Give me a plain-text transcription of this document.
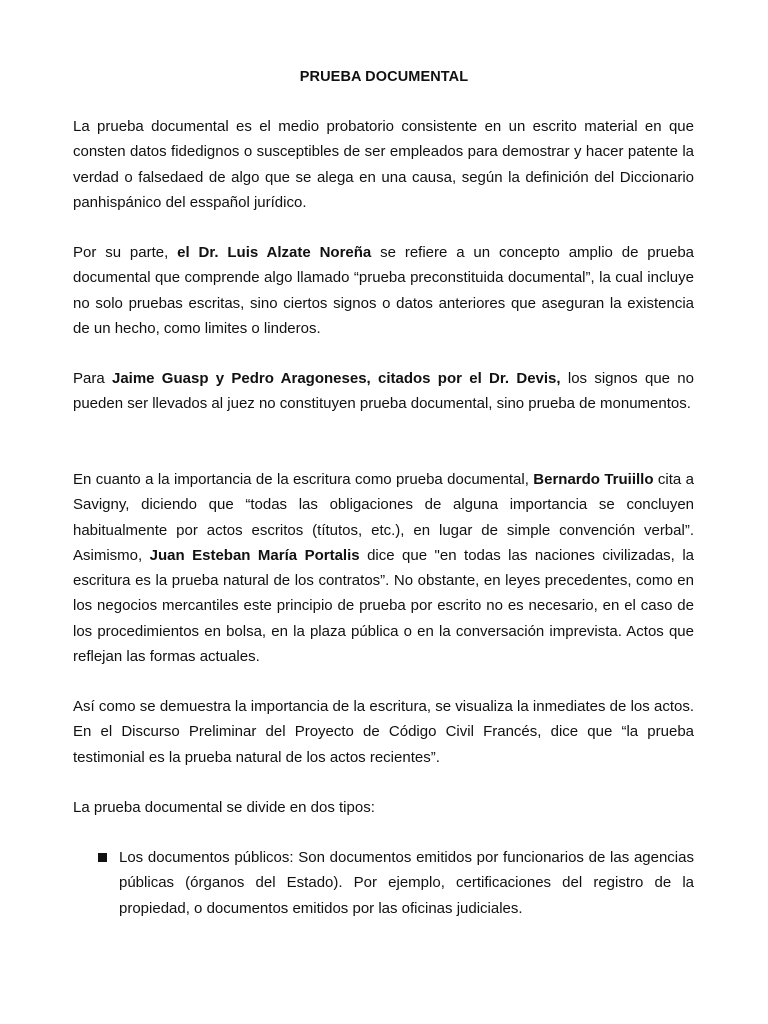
PRUEBA DOCUMENTAL

La prueba documental es el medio probatorio consistente en un escrito material en que consten datos fidedignos o susceptibles de ser empleados para demostrar y hacer patente la verdad o falsedaed de algo que se alega en una causa, según la definición del Diccionario panhispánico del esspañol jurídico.

Por su parte, el Dr. Luis Alzate Noreña se refiere a un concepto amplio de prueba documental que comprende algo llamado “prueba preconstituida documental”, la cual incluye no solo pruebas escritas, sino ciertos signos o datos anteriores que aseguran la existencia de un hecho, como limites o linderos.

Para Jaime Guasp y Pedro Aragoneses, citados por el Dr. Devis, los signos que no pueden ser llevados al juez no constituyen prueba documental, sino prueba de monumentos.

En cuanto a la importancia de la escritura como prueba documental, Bernardo Truiillo cita a Savigny, diciendo que “todas las obligaciones de alguna importancia se concluyen habitualmente por actos escritos (títutos, etc.), en lugar de simple convención verbal”. Asimismo, Juan Esteban María Portalis dice que "en todas las naciones civilizadas, la escritura es la prueba natural de los contratos”. No obstante, en leyes precedentes, como en los negocios mercantiles este principio de prueba por escrito no es necesario, en el caso de los procedimientos en bolsa, en la plaza pública o en la conversación imprevista. Actos que reflejan las formas actuales.

Así como se demuestra la importancia de la escritura, se visualiza la inmediates de los actos. En el Discurso Preliminar del Proyecto de Código Civil Francés, dice que “la prueba testimonial es la prueba natural de los actos recientes”.

La prueba documental se divide en dos tipos:

Los documentos públicos: Son documentos emitidos por funcionarios de las agencias públicas (órganos del Estado). Por ejemplo, certificaciones del registro de la propiedad, o documentos emitidos por las oficinas judiciales.
